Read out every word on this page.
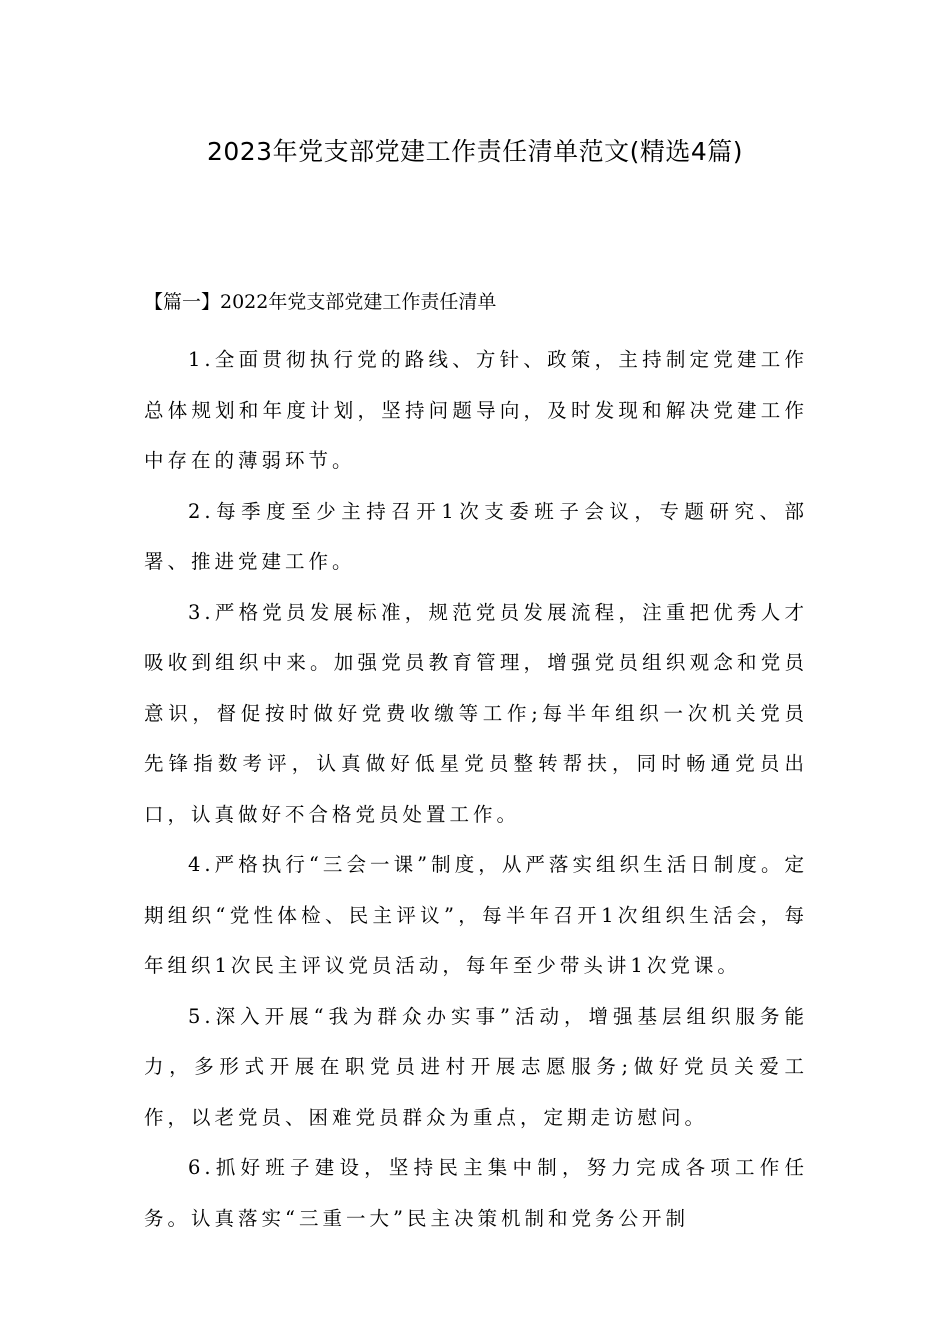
2023年党支部党建工作责任清单范文(精选4篇)

【篇一】2022年党支部党建工作责任清单

1.全面贯彻执行党的路线、方针、政策，主持制定党建工作总体规划和年度计划，坚持问题导向，及时发现和解决党建工作中存在的薄弱环节。

2.每季度至少主持召开1次支委班子会议，专题研究、部署、推进党建工作。

3.严格党员发展标准，规范党员发展流程，注重把优秀人才吸收到组织中来。加强党员教育管理，增强党员组织观念和党员意识，督促按时做好党费收缴等工作;每半年组织一次机关党员先锋指数考评，认真做好低星党员整转帮扶，同时畅通党员出口，认真做好不合格党员处置工作。

4.严格执行“三会一课”制度，从严落实组织生活日制度。定期组织“党性体检、民主评议”，每半年召开1次组织生活会，每年组织1次民主评议党员活动，每年至少带头讲1次党课。

5.深入开展“我为群众办实事”活动，增强基层组织服务能力，多形式开展在职党员进村开展志愿服务;做好党员关爱工作，以老党员、困难党员群众为重点，定期走访慰问。

6.抓好班子建设，坚持民主集中制，努力完成各项工作任务。认真落实“三重一大”民主决策机制和党务公开制
